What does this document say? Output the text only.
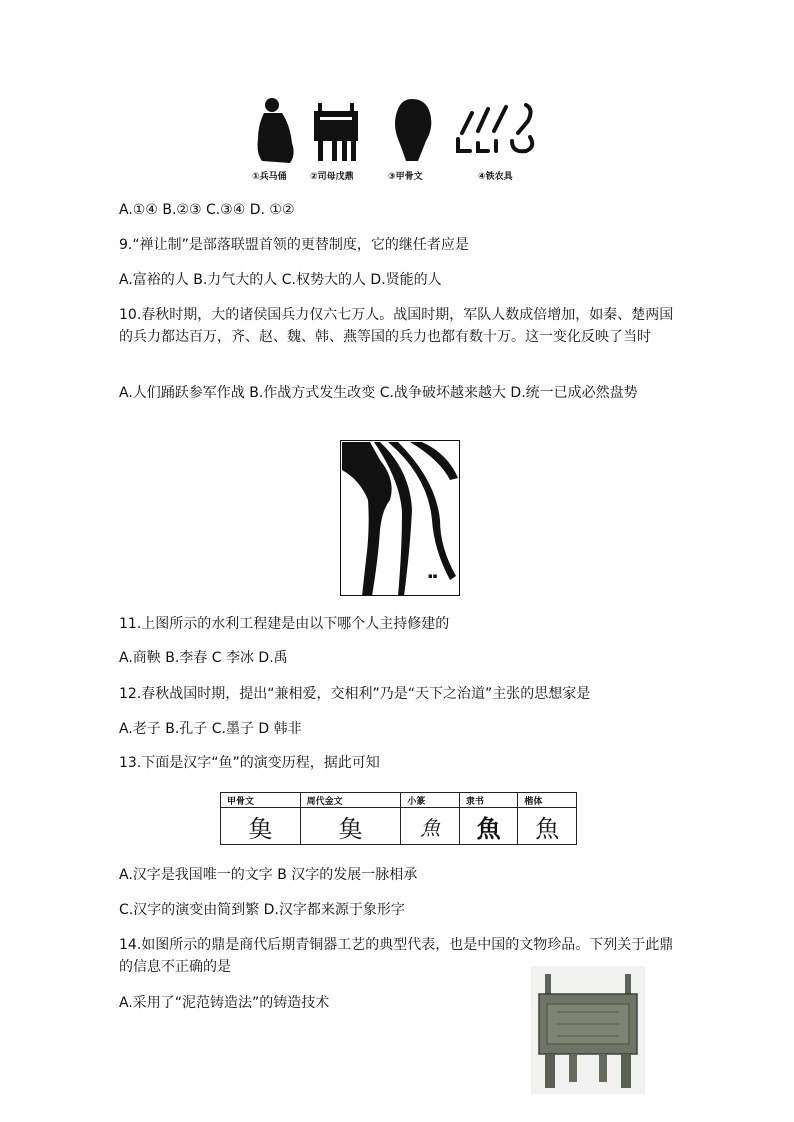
①兵马俑	②司母戊鼎	③甲骨文	④铁农具
A.①④ B.②③ C.③④ D. ①②
9.“禅让制”是部落联盟首领的更替制度，它的继任者应是
A.富裕的人 B.力气大的人 C.权势大的人 D.贤能的人
10.春秋时期，大的诸侯国兵力仅六七万人。战国时期，军队人数成倍增加，如秦、楚两国的兵力都达百万，齐、赵、魏、韩、燕等国的兵力也都有数十万。这一变化反映了当时
A.人们踊跃参军作战 B.作战方式发生改变 C.战争破坏越来越大 D.统一已成必然盘势
▪▪
11.上图所示的水利工程建是由以下哪个人主持修建的
A.商鞅 B.李春 C 李冰 D.禹
12.春秋战国时期，提出“兼相爱，交相利”乃是“天下之治道”主张的思想家是
A.老子 B.孔子 C.墨子 D 韩非
13.下面是汉字“鱼”的演变历程，据此可知
甲骨文	周代金文	小篆	隶书	楷体
𩵋	𩵋	魚	魚	魚
A.汉字是我国唯一的文字 B 汉字的发展一脉相承
C.汉字的演变由简到繁 D.汉字都来源于象形字
14.如图所示的鼎是商代后期青铜器工艺的典型代表，也是中国的文物珍品。下列关于此鼎的信息不正确的是
A.采用了“泥范铸造法”的铸造技术
